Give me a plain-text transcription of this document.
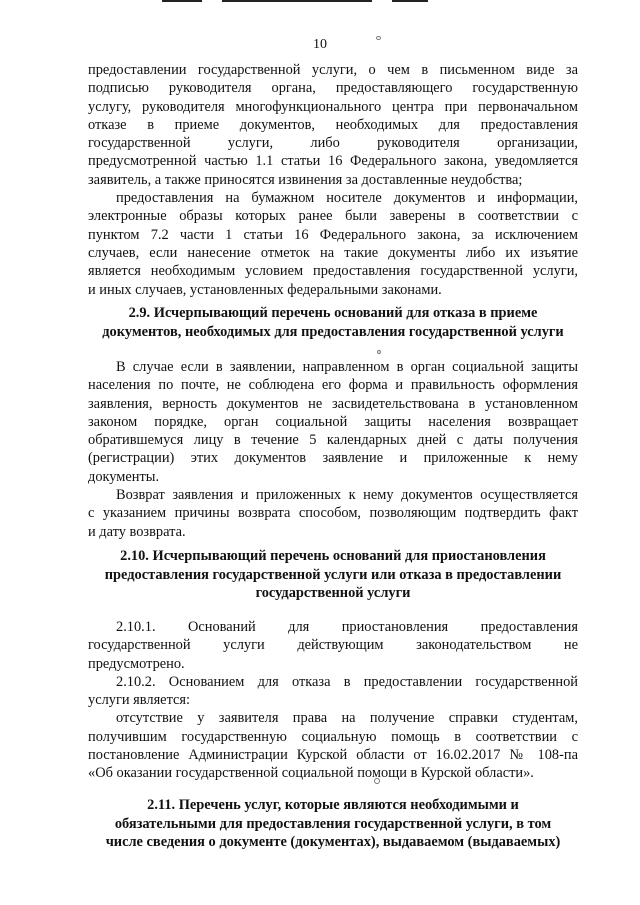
10
предоставлении государственной услуги, о чем в письменном виде за
подписью руководителя органа, предоставляющего государственную
услугу, руководителя многофункционального центра при первоначальном
отказе в приеме документов, необходимых для предоставления
государственной услуги, либо руководителя организации,
предусмотренной частью 1.1 статьи 16 Федерального закона, уведомляется
заявитель, а также приносятся извинения за доставленные неудобства;
предоставления на бумажном носителе документов и информации,
электронные образы которых ранее были заверены в соответствии с
пунктом 7.2 части 1 статьи 16 Федерального закона, за исключением
случаев, если нанесение отметок на такие документы либо их изъятие
является необходимым условием предоставления государственной услуги,
и иных случаев, установленных федеральными законами.
2.9. Исчерпывающий перечень оснований для отказа в приеме
документов, необходимых для предоставления государственной услуги
В случае если в заявлении, направленном в орган социальной защиты
населения по почте, не соблюдена его форма и правильность оформления
заявления, верность документов не засвидетельствована в установленном
законом порядке, орган социальной защиты населения возвращает
обратившемуся лицу в течение 5 календарных дней с даты получения
(регистрации) этих документов заявление и приложенные к нему
документы.
Возврат заявления и приложенных к нему документов осуществляется
с указанием причины возврата способом, позволяющим подтвердить факт
и дату возврата.
2.10. Исчерпывающий перечень оснований для приостановления
предоставления государственной услуги или отказа в предоставлении
государственной услуги
2.10.1. Оснований для приостановления предоставления
государственной услуги действующим законодательством не
предусмотрено.
2.10.2. Основанием для отказа в предоставлении государственной
услуги является:
отсутствие у заявителя права на получение справки студентам,
получившим государственную социальную помощь в соответствии с
постановление Администрации Курской области от 16.02.2017 № 108-па
«Об оказании государственной социальной помощи в Курской области».
2.11. Перечень услуг, которые являются необходимыми и
обязательными для предоставления государственной услуги, в том
числе сведения о документе (документах), выдаваемом (выдаваемых)
